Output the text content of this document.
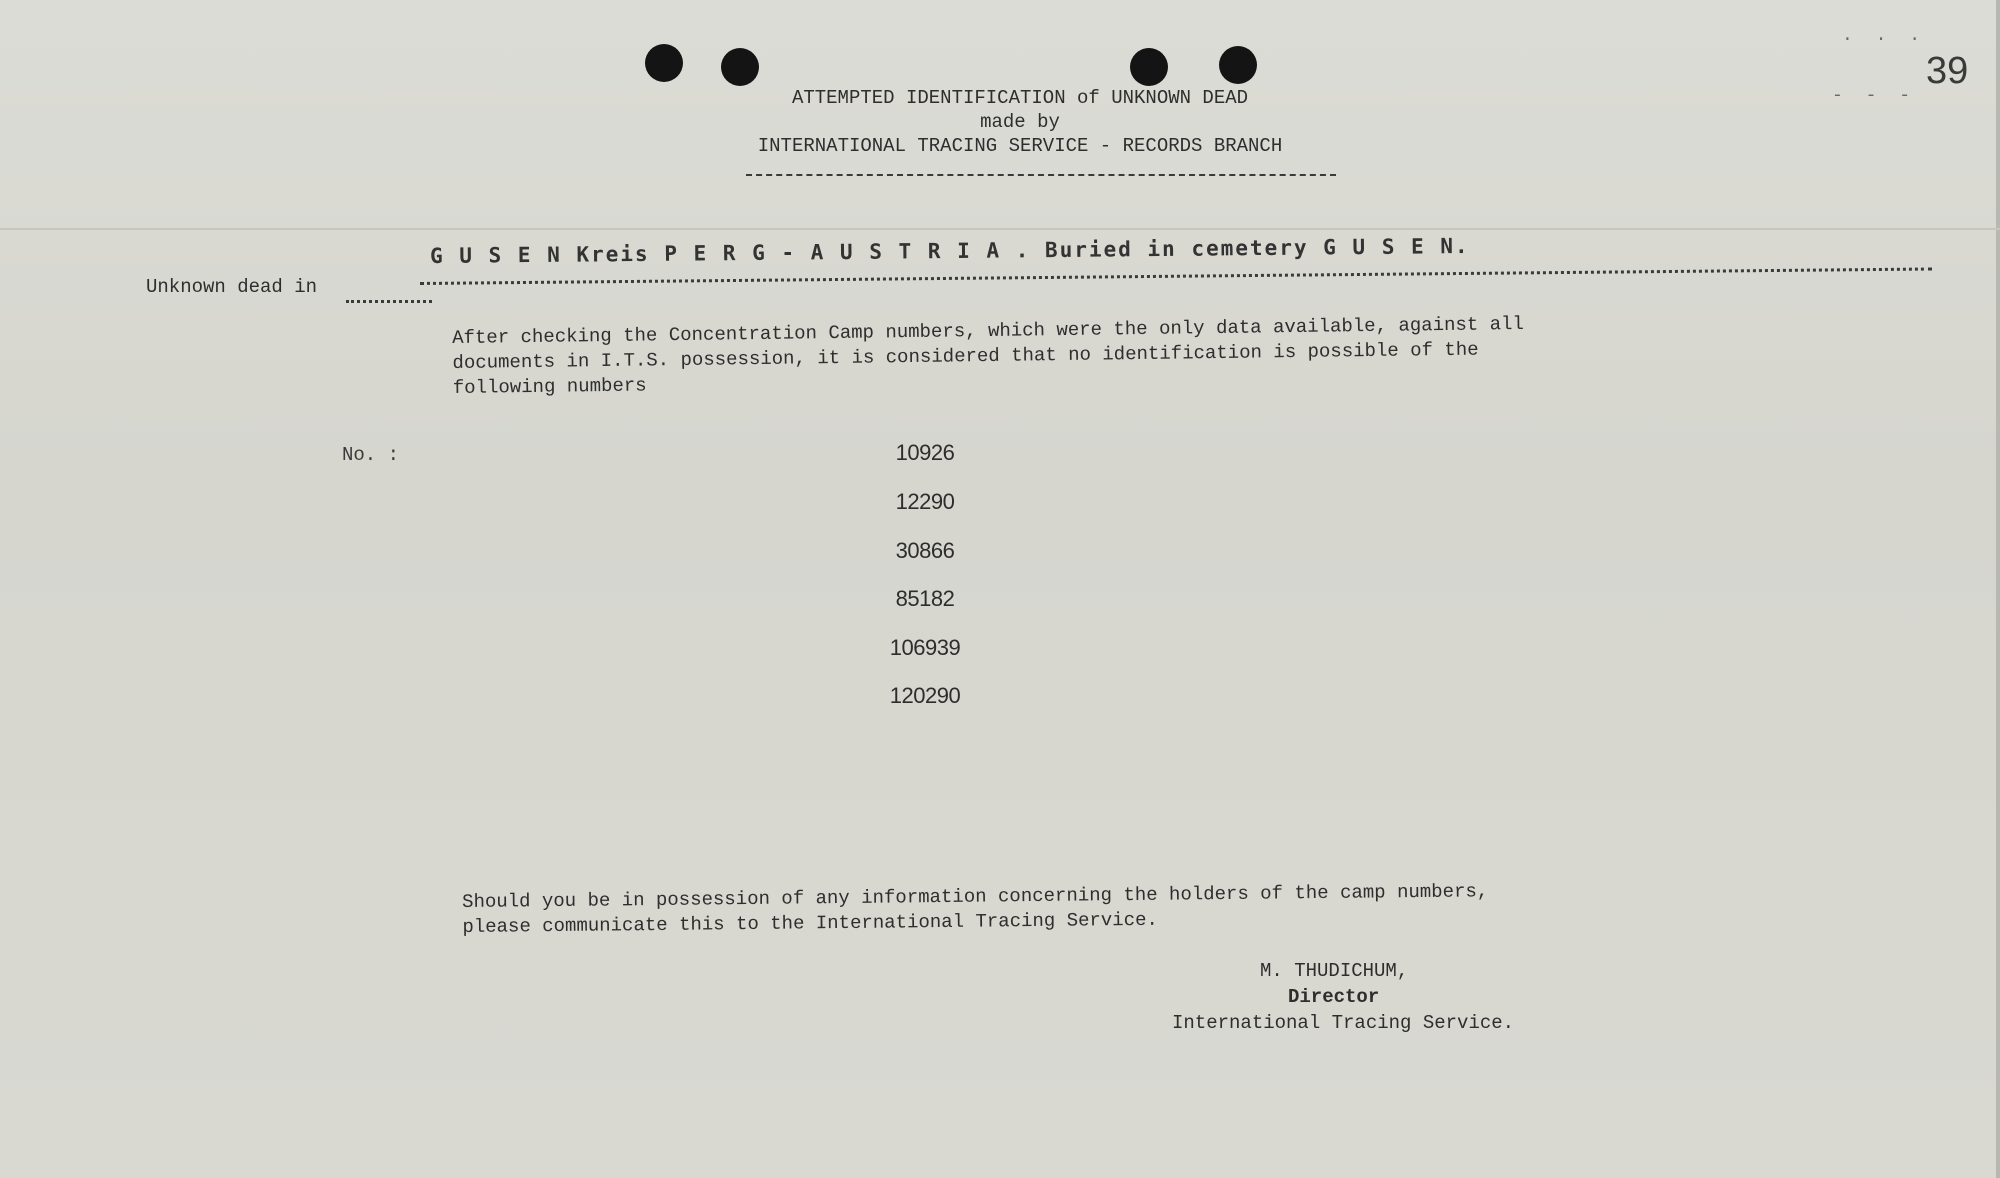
. . .
- - -
39
ATTEMPTED IDENTIFICATION of UNKNOWN DEAD
made by
INTERNATIONAL TRACING SERVICE - RECORDS BRANCH
Unknown dead in
G U S E N Kreis P E R G - A U S T R I A . Buried in cemetery G U S E N.
After checking the Concentration Camp numbers, which were the only data available, against all
documents in I.T.S. possession, it is considered that no identification is possible of the
following numbers
No. :	10926
12290
30866
85182
106939
120290
Should you be in possession of any information concerning the holders of the camp numbers,
please communicate this to the International Tracing Service.
M. THUDICHUM,
Director
International Tracing Service.
